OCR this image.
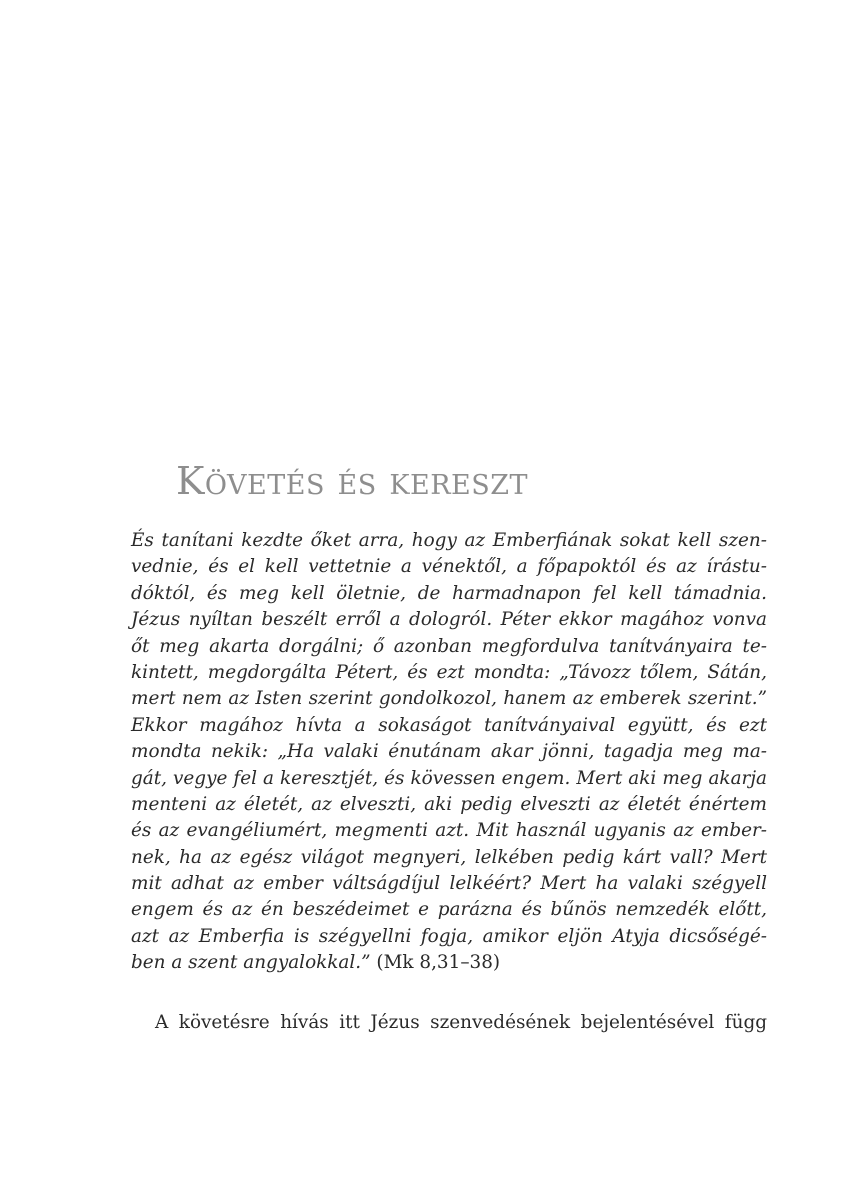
Követés és kereszt
És tanítani kezdte őket arra, hogy az Emberfiának sokat kell szen-
vednie, és el kell vettetnie a vénektől, a főpapoktól és az írástu-
dóktól, és meg kell öletnie, de harmadnapon fel kell támadnia.
Jézus nyíltan beszélt erről a dologról. Péter ekkor magához vonva
őt meg akarta dorgálni; ő azonban megfordulva tanítványaira te-
kintett, megdorgálta Pétert, és ezt mondta: „Távozz tőlem, Sátán,
mert nem az Isten szerint gondolkozol, hanem az emberek szerint.”
Ekkor magához hívta a sokaságot tanítványaival együtt, és ezt
mondta nekik: „Ha valaki énutánam akar jönni, tagadja meg ma-
gát, vegye fel a keresztjét, és kövessen engem. Mert aki meg akarja
menteni az életét, az elveszti, aki pedig elveszti az életét énértem
és az evangéliumért, megmenti azt. Mit használ ugyanis az ember-
nek, ha az egész világot megnyeri, lelkében pedig kárt vall? Mert
mit adhat az ember váltságdíjul lelkéért? Mert ha valaki szégyell
engem és az én beszédeimet e parázna és bűnös nemzedék előtt,
azt az Emberfia is szégyellni fogja, amikor eljön Atyja dicsőségé-
ben a szent angyalokkal.” (Mk 8,31–38)

A követésre hívás itt Jézus szenvedésének bejelentésével függ
